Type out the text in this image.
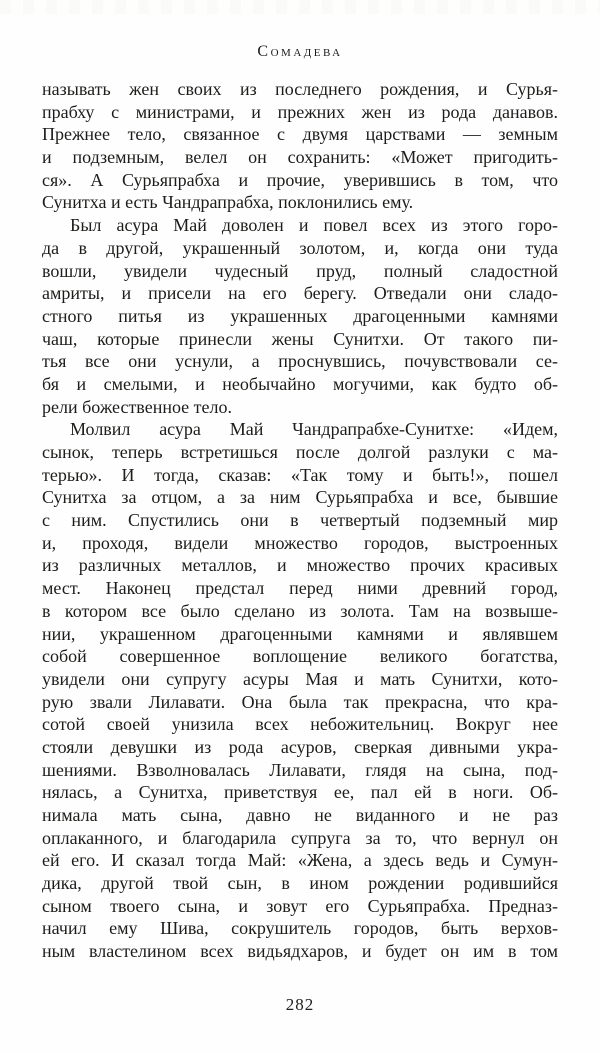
Сомадева
называть жен своих из последнего рождения, и Сурья-
прабху с министрами, и прежних жен из рода данавов.
Прежнее тело, связанное с двумя царствами — земным
и подземным, велел он сохранить: «Может пригодить-
ся». А Сурьяпрабха и прочие, уверившись в том, что
Сунитха и есть Чандрапрабха, поклонились ему.
Был асура Май доволен и повел всех из этого горо-
да в другой, украшенный золотом, и, когда они туда
вошли, увидели чудесный пруд, полный сладостной
амриты, и присели на его берегу. Отведали они сладо-
стного питья из украшенных драгоценными камнями
чаш, которые принесли жены Сунитхи. От такого пи-
тья все они уснули, а проснувшись, почувствовали се-
бя и смелыми, и необычайно могучими, как будто об-
рели божественное тело.
Молвил асура Май Чандрапрабхе-Сунитхе: «Идем,
сынок, теперь встретишься после долгой разлуки с ма-
терью». И тогда, сказав: «Так тому и быть!», пошел
Сунитха за отцом, а за ним Сурьяпрабха и все, бывшие
с ним. Спустились они в четвертый подземный мир
и, проходя, видели множество городов, выстроенных
из различных металлов, и множество прочих красивых
мест. Наконец предстал перед ними древний город,
в котором все было сделано из золота. Там на возвыше-
нии, украшенном драгоценными камнями и являвшем
собой совершенное воплощение великого богатства,
увидели они супругу асуры Мая и мать Сунитхи, кото-
рую звали Лилавати. Она была так прекрасна, что кра-
сотой своей унизила всех небожительниц. Вокруг нее
стояли девушки из рода асуров, сверкая дивными укра-
шениями. Взволновалась Лилавати, глядя на сына, под-
нялась, а Сунитха, приветствуя ее, пал ей в ноги. Об-
нимала мать сына, давно не виданного и не раз
оплаканного, и благодарила супруга за то, что вернул он
ей его. И сказал тогда Май: «Жена, а здесь ведь и Сумун-
дика, другой твой сын, в ином рождении родившийся
сыном твоего сына, и зовут его Сурьяпрабха. Предназ-
начил ему Шива, сокрушитель городов, быть верхов-
ным властелином всех видьядхаров, и будет он им в том
282
